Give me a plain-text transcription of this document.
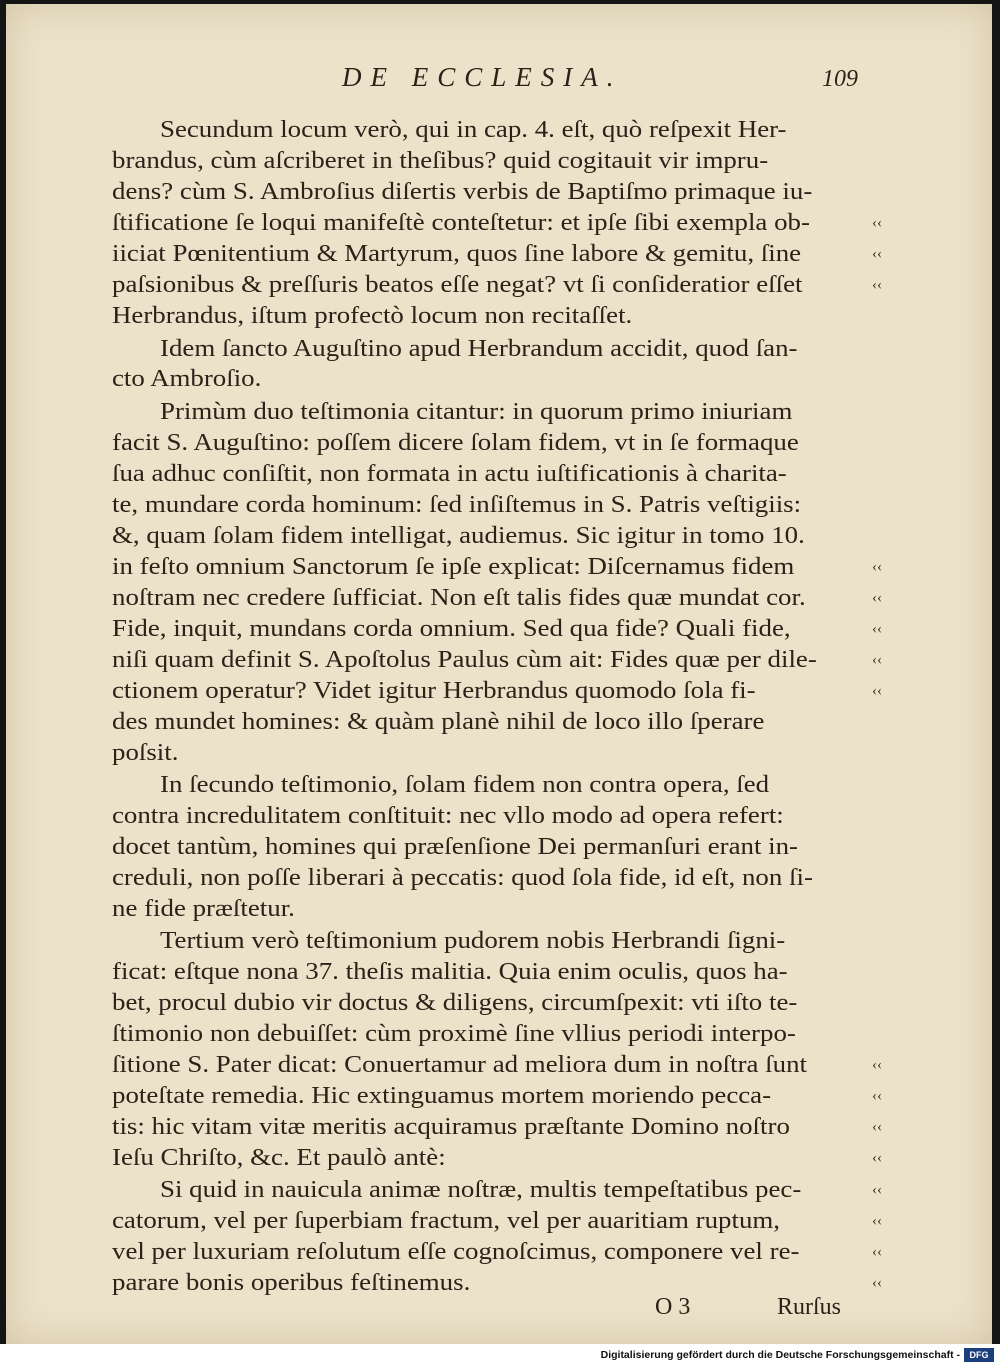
DE ECCLESIA.	109
Secundum locum verò, qui in cap. 4. eſt, quò reſpexit Her-
brandus, cùm aſcriberet in theſibus? quid cogitauit vir impru-
dens? cùm S. Ambroſius diſertis verbis de Baptiſmo primaque iu-
ſtificatione ſe loqui manifeſtè conteſtetur: et ipſe ſibi exempla ob-
iiciat Pœnitentium & Martyrum, quos ſine labore & gemitu, ſine
paſsionibus & preſſuris beatos eſſe negat? vt ſi conſideratior eſſet
Herbrandus, iſtum profectò locum non recitaſſet.
Idem ſancto Auguſtino apud Herbrandum accidit, quod ſan-
cto Ambroſio.
Primùm duo teſtimonia citantur: in quorum primo iniuriam
facit S. Auguſtino: poſſem dicere ſolam fidem, vt in ſe formaque
ſua adhuc conſiſtit, non formata in actu iuſtificationis à charita-
te, mundare corda hominum: ſed inſiſtemus in S. Patris veſtigiis:
&, quam ſolam fidem intelligat, audiemus. Sic igitur in tomo 10.
in feſto omnium Sanctorum ſe ipſe explicat: Diſcernamus fidem
noſtram nec credere ſufficiat. Non eſt talis fides quæ mundat cor.
Fide, inquit, mundans corda omnium. Sed qua fide? Quali fide,
niſi quam definit S. Apoſtolus Paulus cùm ait: Fides quæ per dile-
ctionem operatur? Videt igitur Herbrandus quomodo ſola fi-
des mundet homines: & quàm planè nihil de loco illo ſperare
poſsit.
In ſecundo teſtimonio, ſolam fidem non contra opera, ſed
contra incredulitatem conſtituit: nec vllo modo ad opera refert:
docet tantùm, homines qui præſenſione Dei permanſuri erant in-
creduli, non poſſe liberari à peccatis: quod ſola fide, id eſt, non ſi-
ne fide præſtetur.
Tertium verò teſtimonium pudorem nobis Herbrandi ſigni-
ficat: eſtque nona 37. theſis malitia. Quia enim oculis, quos ha-
bet, procul dubio vir doctus & diligens, circumſpexit: vti iſto te-
ſtimonio non debuiſſet: cùm proximè ſine vllius periodi interpo-
ſitione S. Pater dicat: Conuertamur ad meliora dum in noſtra ſunt
poteſtate remedia. Hic extinguamus mortem moriendo pecca-
tis: hic vitam vitæ meritis acquiramus præſtante Domino noſtro
Ieſu Chriſto, &c. Et paulò antè:
Si quid in nauicula animæ noſtræ, multis tempeſtatibus pec-
catorum, vel per ſuperbiam fractum, vel per auaritiam ruptum,
vel per luxuriam reſolutum eſſe cognoſcimus, componere vel re-
parare bonis operibus feſtinemus.
‹‹
‹‹
‹‹
‹‹
‹‹
‹‹
‹‹
‹‹
‹‹
‹‹
‹‹
‹‹
‹‹
‹‹
‹‹
‹‹
O 3	Rurſus
Digitalisierung gefördert durch die Deutsche Forschungsgemeinschaft -	DFG
